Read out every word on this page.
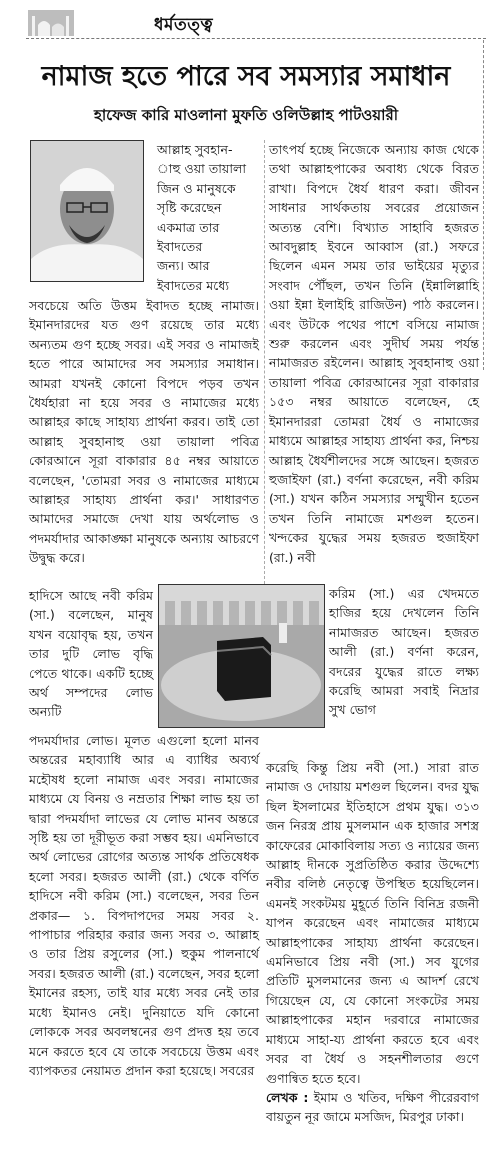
ধর্মতত্ত্ব
নামাজ হতে পারে সব সমস্যার সমাধান
হাফেজ কারি মাওলানা মুফতি ওলিউল্লাহ পাটওয়ারী

আল্লাহ সুবহান-

াহু ওয়া তায়ালা

জিন ও মানুষকে

সৃষ্টি করেছেন

একমাত্র তার

ইবাদতের

জন্য। আর

ইবাদতের মধ্যে

সবচেয়ে অতি উত্তম ইবাদত হচ্ছে নামাজ। ইমানদারদের যত গুণ রয়েছে তার মধ্যে অন্যতম গুণ হচ্ছে সবর। এই সবর ও নামাজই হতে পারে আমাদের সব সমস্যার সমাধান। আমরা যখনই কোনো বিপদে পড়ব তখন ধৈর্যহারা না হয়ে সবর ও নামাজের মধ্যে আল্লাহর কাছে সাহায্য প্রার্থনা করব। তাই তো আল্লাহ সুবহানাহু ওয়া তায়ালা পবিত্র কোরআনে সূরা বাকারার ৪৫ নম্বর আয়াতে বলেছেন, 'তোমরা সবর ও নামাজের মাধ্যমে আল্লাহর সাহায্য প্রার্থনা কর।' সাধারণত আমাদের সমাজে দেখা যায় অর্থলোভ ও পদমর্যাদার আকাঙ্ক্ষা মানুষকে অন্যায় আচরণে উদ্বুদ্ধ করে।

হাদিসে আছে নবী করিম (সা.) বলেছেন, মানুষ যখন বয়োবৃদ্ধ হয়, তখন তার দুটি লোভ বৃদ্ধি পেতে থাকে। একটি হচ্ছে অর্থ সম্পদের লোভ অন্যটি

পদমর্যাদার লোভ। মূলত এগুলো হলো মানব অন্তরের মহাব্যাধি আর এ ব্যাধির অব্যর্থ মহৌষধ হলো নামাজ এবং সবর। নামাজের মাধ্যমে যে বিনয় ও নম্রতার শিক্ষা লাভ হয় তা দ্বারা পদমর্যাদা লাভের যে লোভ মানব অন্তরে সৃষ্টি হয় তা দূরীভূত করা সম্ভব হয়। এমনিভাবে অর্থ লোভের রোগের অত্যন্ত সার্থক প্রতিষেধক হলো সবর। হজরত আলী (রা.) থেকে বর্ণিত হাদিসে নবী করিম (সা.) বলেছেন, সবর তিন প্রকার— ১. বিপদাপদের সময় সবর ২. পাপাচার পরিহার করার জন্য সবর ৩. আল্লাহ ও তার প্রিয় রসুলের (সা.) হুকুম পালনার্থে সবর। হজরত আলী (রা.) বলেছেন, সবর হলো ইমানের রহস্য, তাই যার মধ্যে সবর নেই তার মধ্যে ইমানও নেই। দুনিয়াতে যদি কোনো লোককে সবর অবলম্বনের গুণ প্রদত্ত হয় তবে মনে করতে হবে যে তাকে সবচেয়ে উত্তম এবং ব্যাপকতর নেয়ামত প্রদান করা হয়েছে। সবরের

তাৎপর্য হচ্ছে নিজেকে অন্যায় কাজ থেকে তথা আল্লাহপাকের অবাধ্য থেকে বিরত রাখা। বিপদে ধৈর্য ধারণ করা। জীবন সাধনার সার্থকতায় সবরের প্রয়োজন অত্যন্ত বেশি। বিখ্যাত সাহাবি হজরত আবদুল্লাহ ইবনে আব্বাস (রা.) সফরে ছিলেন এমন সময় তার ভাইয়ের মৃত্যুর সংবাদ পৌঁছল, তখন তিনি (ইন্নালিল্লাহি ওয়া ইন্না ইলাইহি রাজিউন) পাঠ করলেন। এবং উটকে পথের পাশে বসিয়ে নামাজ শুরু করলেন এবং সুদীর্ঘ সময় পর্যন্ত নামাজরত রইলেন। আল্লাহ সুবহানাহু ওয়া তায়ালা পবিত্র কোরআনের সূরা বাকারার ১৫৩ নম্বর আয়াতে বলেছেন, হে ইমানদাররা তোমরা ধৈর্য ও নামাজের মাধ্যমে আল্লাহর সাহায্য প্রার্থনা কর, নিশ্চয় আল্লাহ ধৈর্যশীলদের সঙ্গে আছেন। হজরত হুজাইফা (রা.) বর্ণনা করেছেন, নবী করিম (সা.) যখন কঠিন সমস্যার সম্মুখীন হতেন তখন তিনি নামাজে মশগুল হতেন। খন্দকের যুদ্ধের সময় হজরত হুজাইফা (রা.) নবী

করিম (সা.) এর খেদমতে হাজির হয়ে দেখলেন তিনি নামাজরত আছেন। হজরত আলী (রা.) বর্ণনা করেন, বদরের যুদ্ধের রাতে লক্ষ্য করেছি আমরা সবাই নিদ্রার সুখ ভোগ

করেছি কিন্তু প্রিয় নবী (সা.) সারা রাত নামাজ ও দোয়ায় মশগুল ছিলেন। বদর যুদ্ধ ছিল ইসলামের ইতিহাসে প্রথম যুদ্ধ। ৩১৩ জন নিরস্ত্র প্রায় মুসলমান এক হাজার সশস্ত্র কাফেরের মোকাবিলায় সত্য ও ন্যায়ের জন্য আল্লাহ দীনকে সুপ্রতিষ্ঠিত করার উদ্দেশ্যে নবীর বলিষ্ঠ নেতৃত্বে উপস্থিত হয়েছিলেন। এমনই সংকটময় মুহূর্তে তিনি বিনিদ্র রজনী যাপন করেছেন এবং নামাজের মাধ্যমে আল্লাহপাকের সাহায্য প্রার্থনা করেছেন। এমনিভাবে প্রিয় নবী (সা.) সব যুগের প্রতিটি মুসলমানের জন্য এ আদর্শ রেখে গিয়েছেন যে, যে কোনো সংকটের সময় আল্লাহপাকের মহান দরবারে নামাজের মাধ্যমে সাহা-য্য প্রার্থনা করতে হবে এবং সবর বা ধৈর্য ও সহনশীলতার গুণে গুণান্বিত হতে হবে।

লেখক : ইমাম ও খতিব, দক্ষিণ পীরেরবাগ বায়তুন নূর জামে মসজিদ, মিরপুর ঢাকা।
